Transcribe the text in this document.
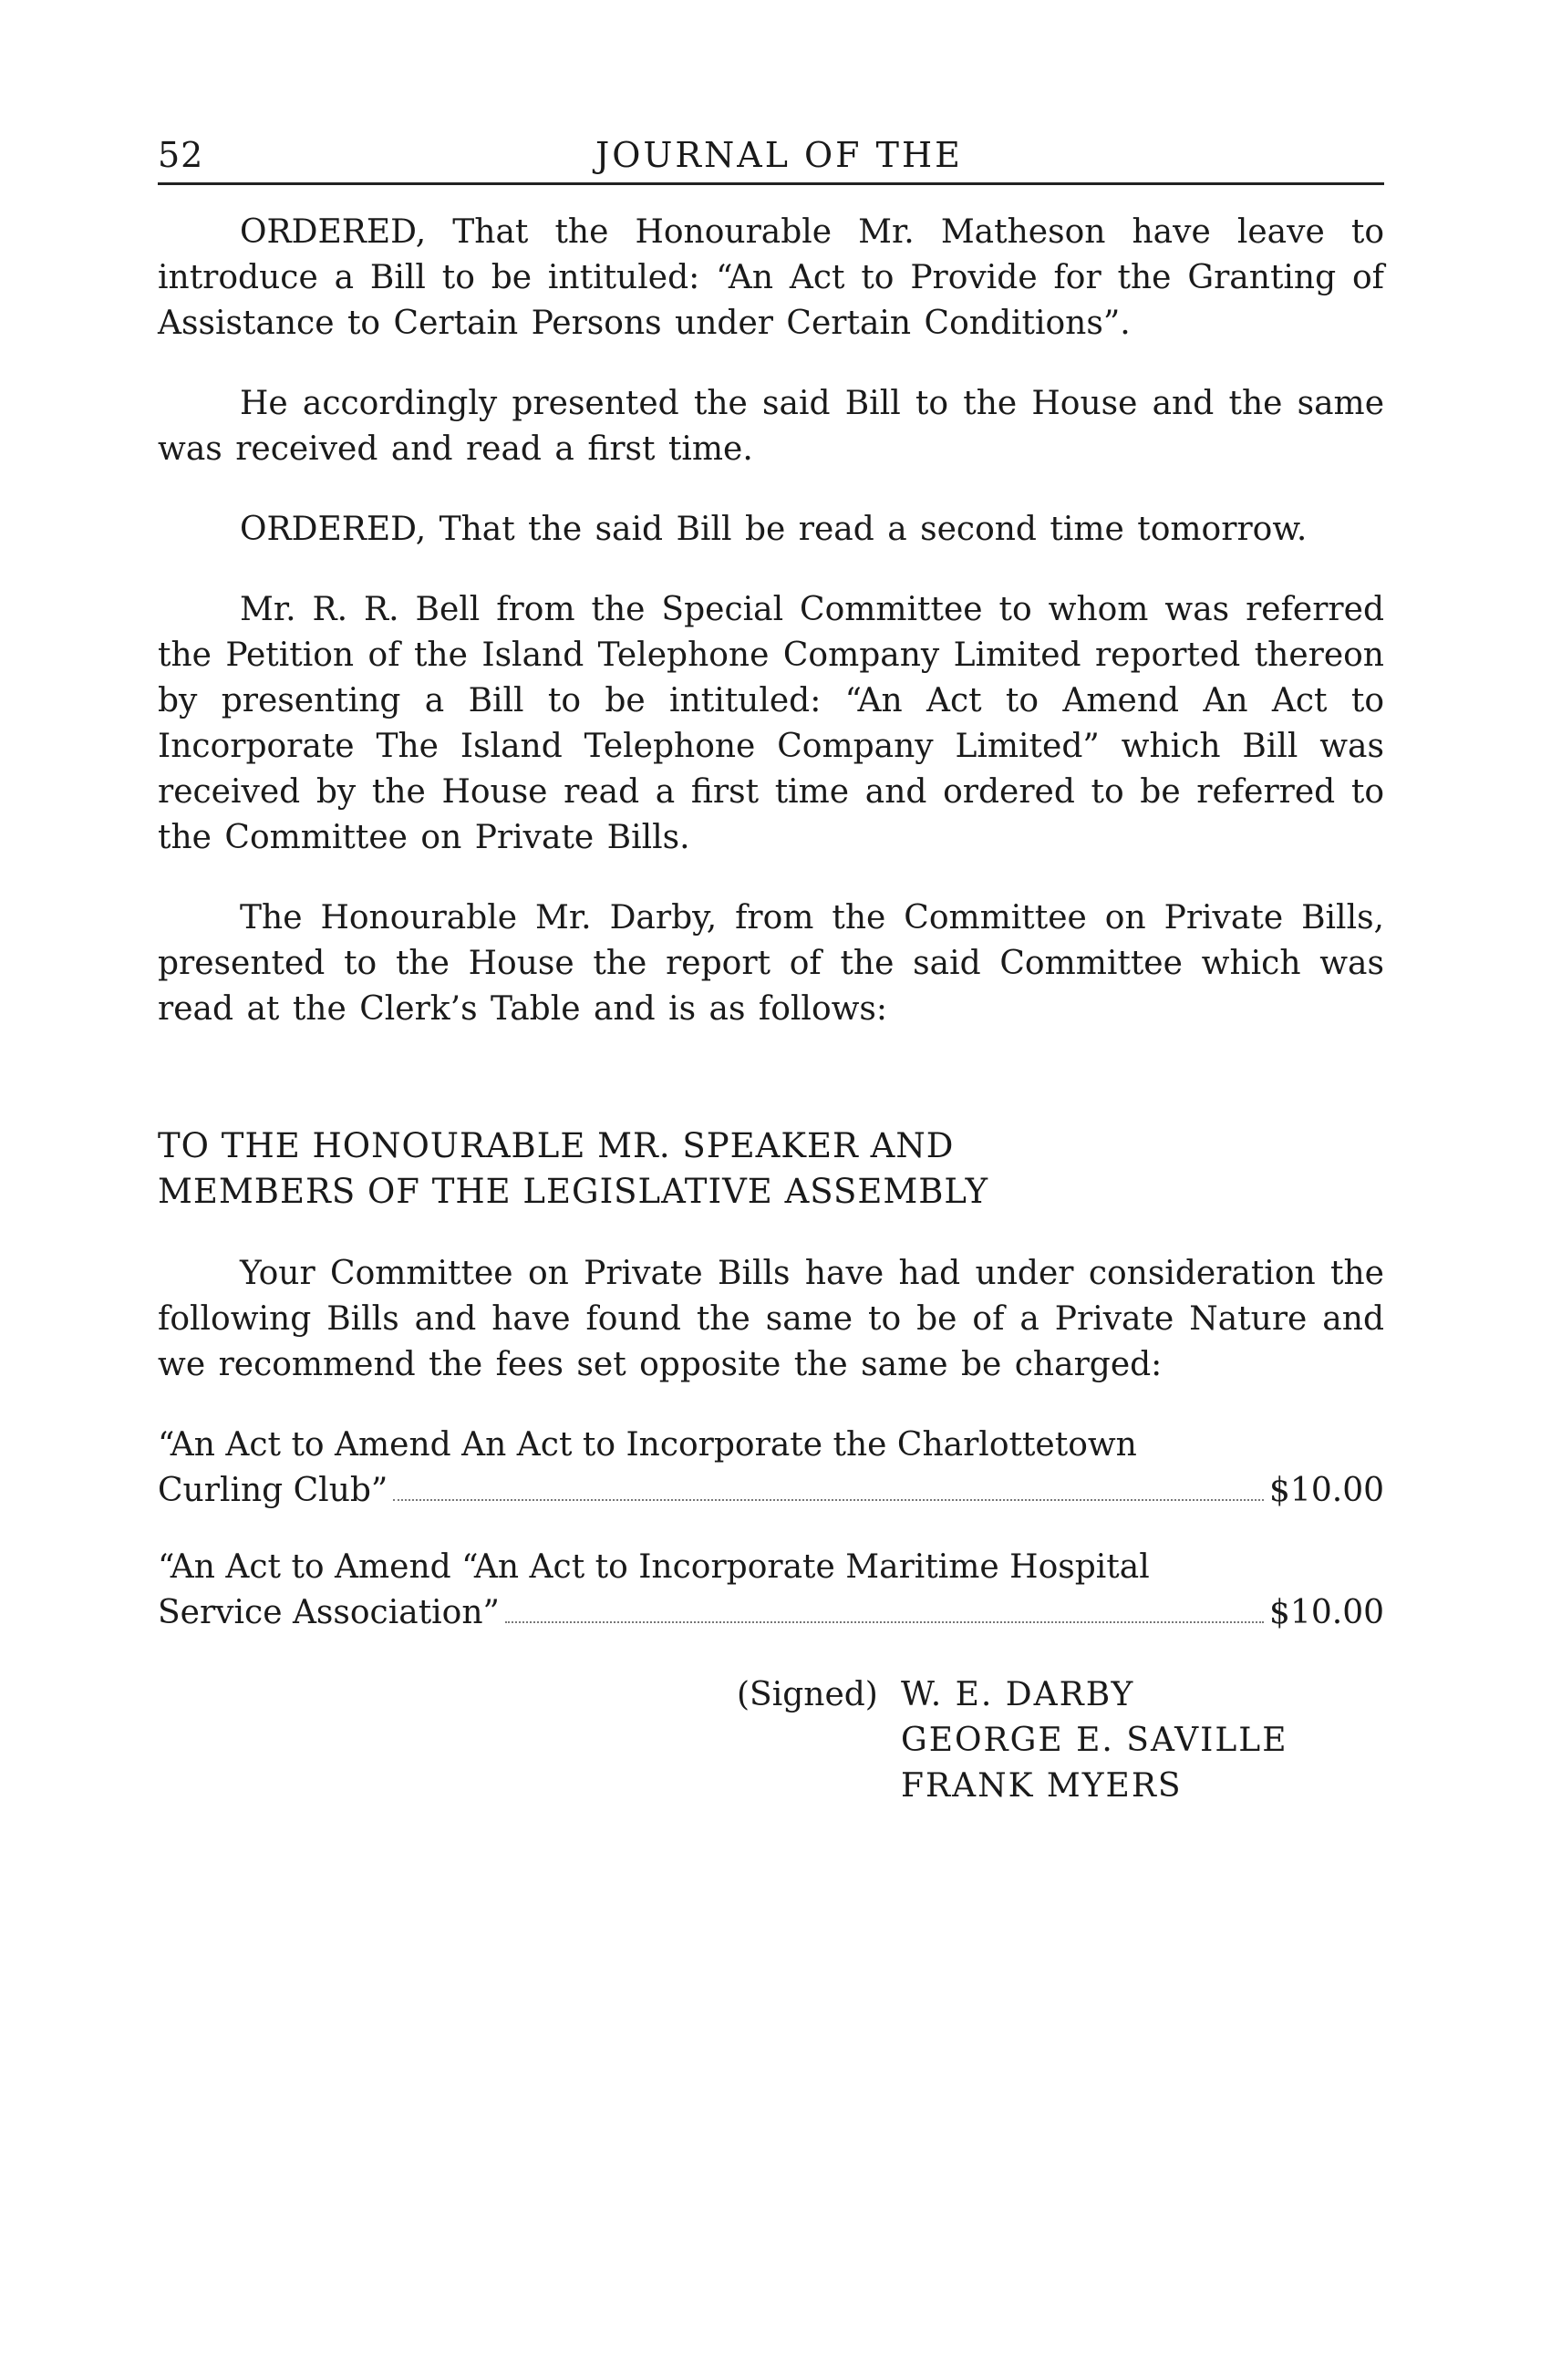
52	JOURNAL OF THE

ORDERED, That the Honourable Mr. Matheson have leave to introduce a Bill to be intituled: “An Act to Provide for the Granting of Assistance to Certain Persons under Certain Conditions”.

He accordingly presented the said Bill to the House and the same was received and read a first time.

ORDERED, That the said Bill be read a second time tomorrow.

Mr. R. R. Bell from the Special Committee to whom was referred the Petition of the Island Telephone Company Limited reported thereon by presenting a Bill to be intituled: “An Act to Amend An Act to Incorporate The Island Telephone Company Limited” which Bill was received by the House read a first time and ordered to be referred to the Committee on Private Bills.

The Honourable Mr. Darby, from the Committee on Private Bills, presented to the House the report of the said Committee which was read at the Clerk’s Table and is as follows:

TO THE HONOURABLE MR. SPEAKER AND
MEMBERS OF THE LEGISLATIVE ASSEMBLY

Your Committee on Private Bills have had under consideration the following Bills and have found the same to be of a Private Nature and we recommend the fees set opposite the same be charged:

“An Act to Amend An Act to Incorporate the Charlottetown
Curling Club”	$10.00
“An Act to Amend “An Act to Incorporate Maritime Hospital
Service Association”	$10.00
(Signed) W. E. DARBY
GEORGE E. SAVILLE
FRANK MYERS
